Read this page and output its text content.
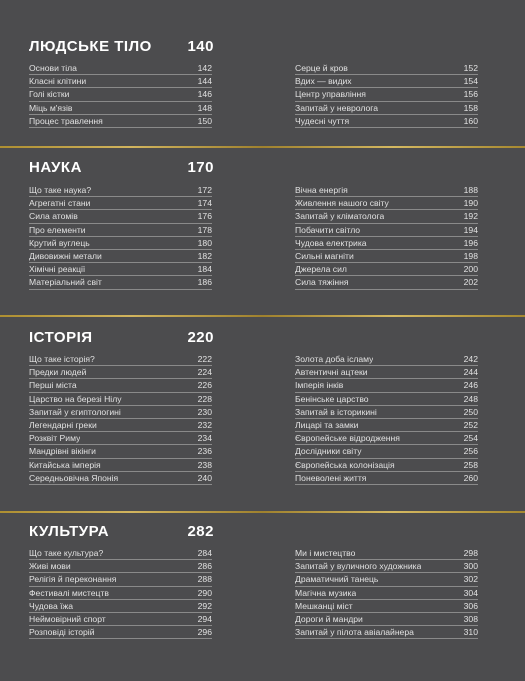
ЛЮДСЬКЕ ТІЛО 140
Основи тіла	142
Класні клітини	144
Голі кістки	146
Міць м'язів	148
Процес травлення	150
Серце й кров	152
Вдих — видих	154
Центр управління	156
Запитай у невролога	158
Чудесні чуття	160
НАУКА	170
Що таке наука?	172
Агрегатні стани	174
Сила атомів	176
Про елементи	178
Крутий вуглець	180
Дивовижні метали	182
Хімічні реакції	184
Матеріальний світ	186
Вічна енергія	188
Живлення нашого світу	190
Запитай у кліматолога	192
Побачити світло	194
Чудова електрика	196
Сильні магніти	198
Джерела сил	200
Сила тяжіння	202
ІСТОРІЯ	220
Що таке історія?	222
Предки людей	224
Перші міста	226
Царство на березі Нілу	228
Запитай у єгиптологині	230
Легендарні греки	232
Розквіт Риму	234
Мандрівні вікінги	236
Китайська імперія	238
Середньовічна Японія	240
Золота доба ісламу	242
Автентичні ацтеки	244
Імперія інків	246
Бенінське царство	248
Запитай в історикині	250
Лицарі та замки	252
Європейське відродження	254
Дослідники світу	256
Європейська колонізація	258
Поневолені життя	260
КУЛЬТУРА	282
Що таке культура?	284
Живі мови	286
Релігія й переконання	288
Фестивалі мистецтв	290
Чудова їжа	292
Неймовірний спорт	294
Розповіді історій	296
Ми і мистецтво	298
Запитай у вуличного художника	300
Драматичний танець	302
Магічна музика	304
Мешканці міст	306
Дороги й мандри	308
Запитай у пілота авіалайнера	310
